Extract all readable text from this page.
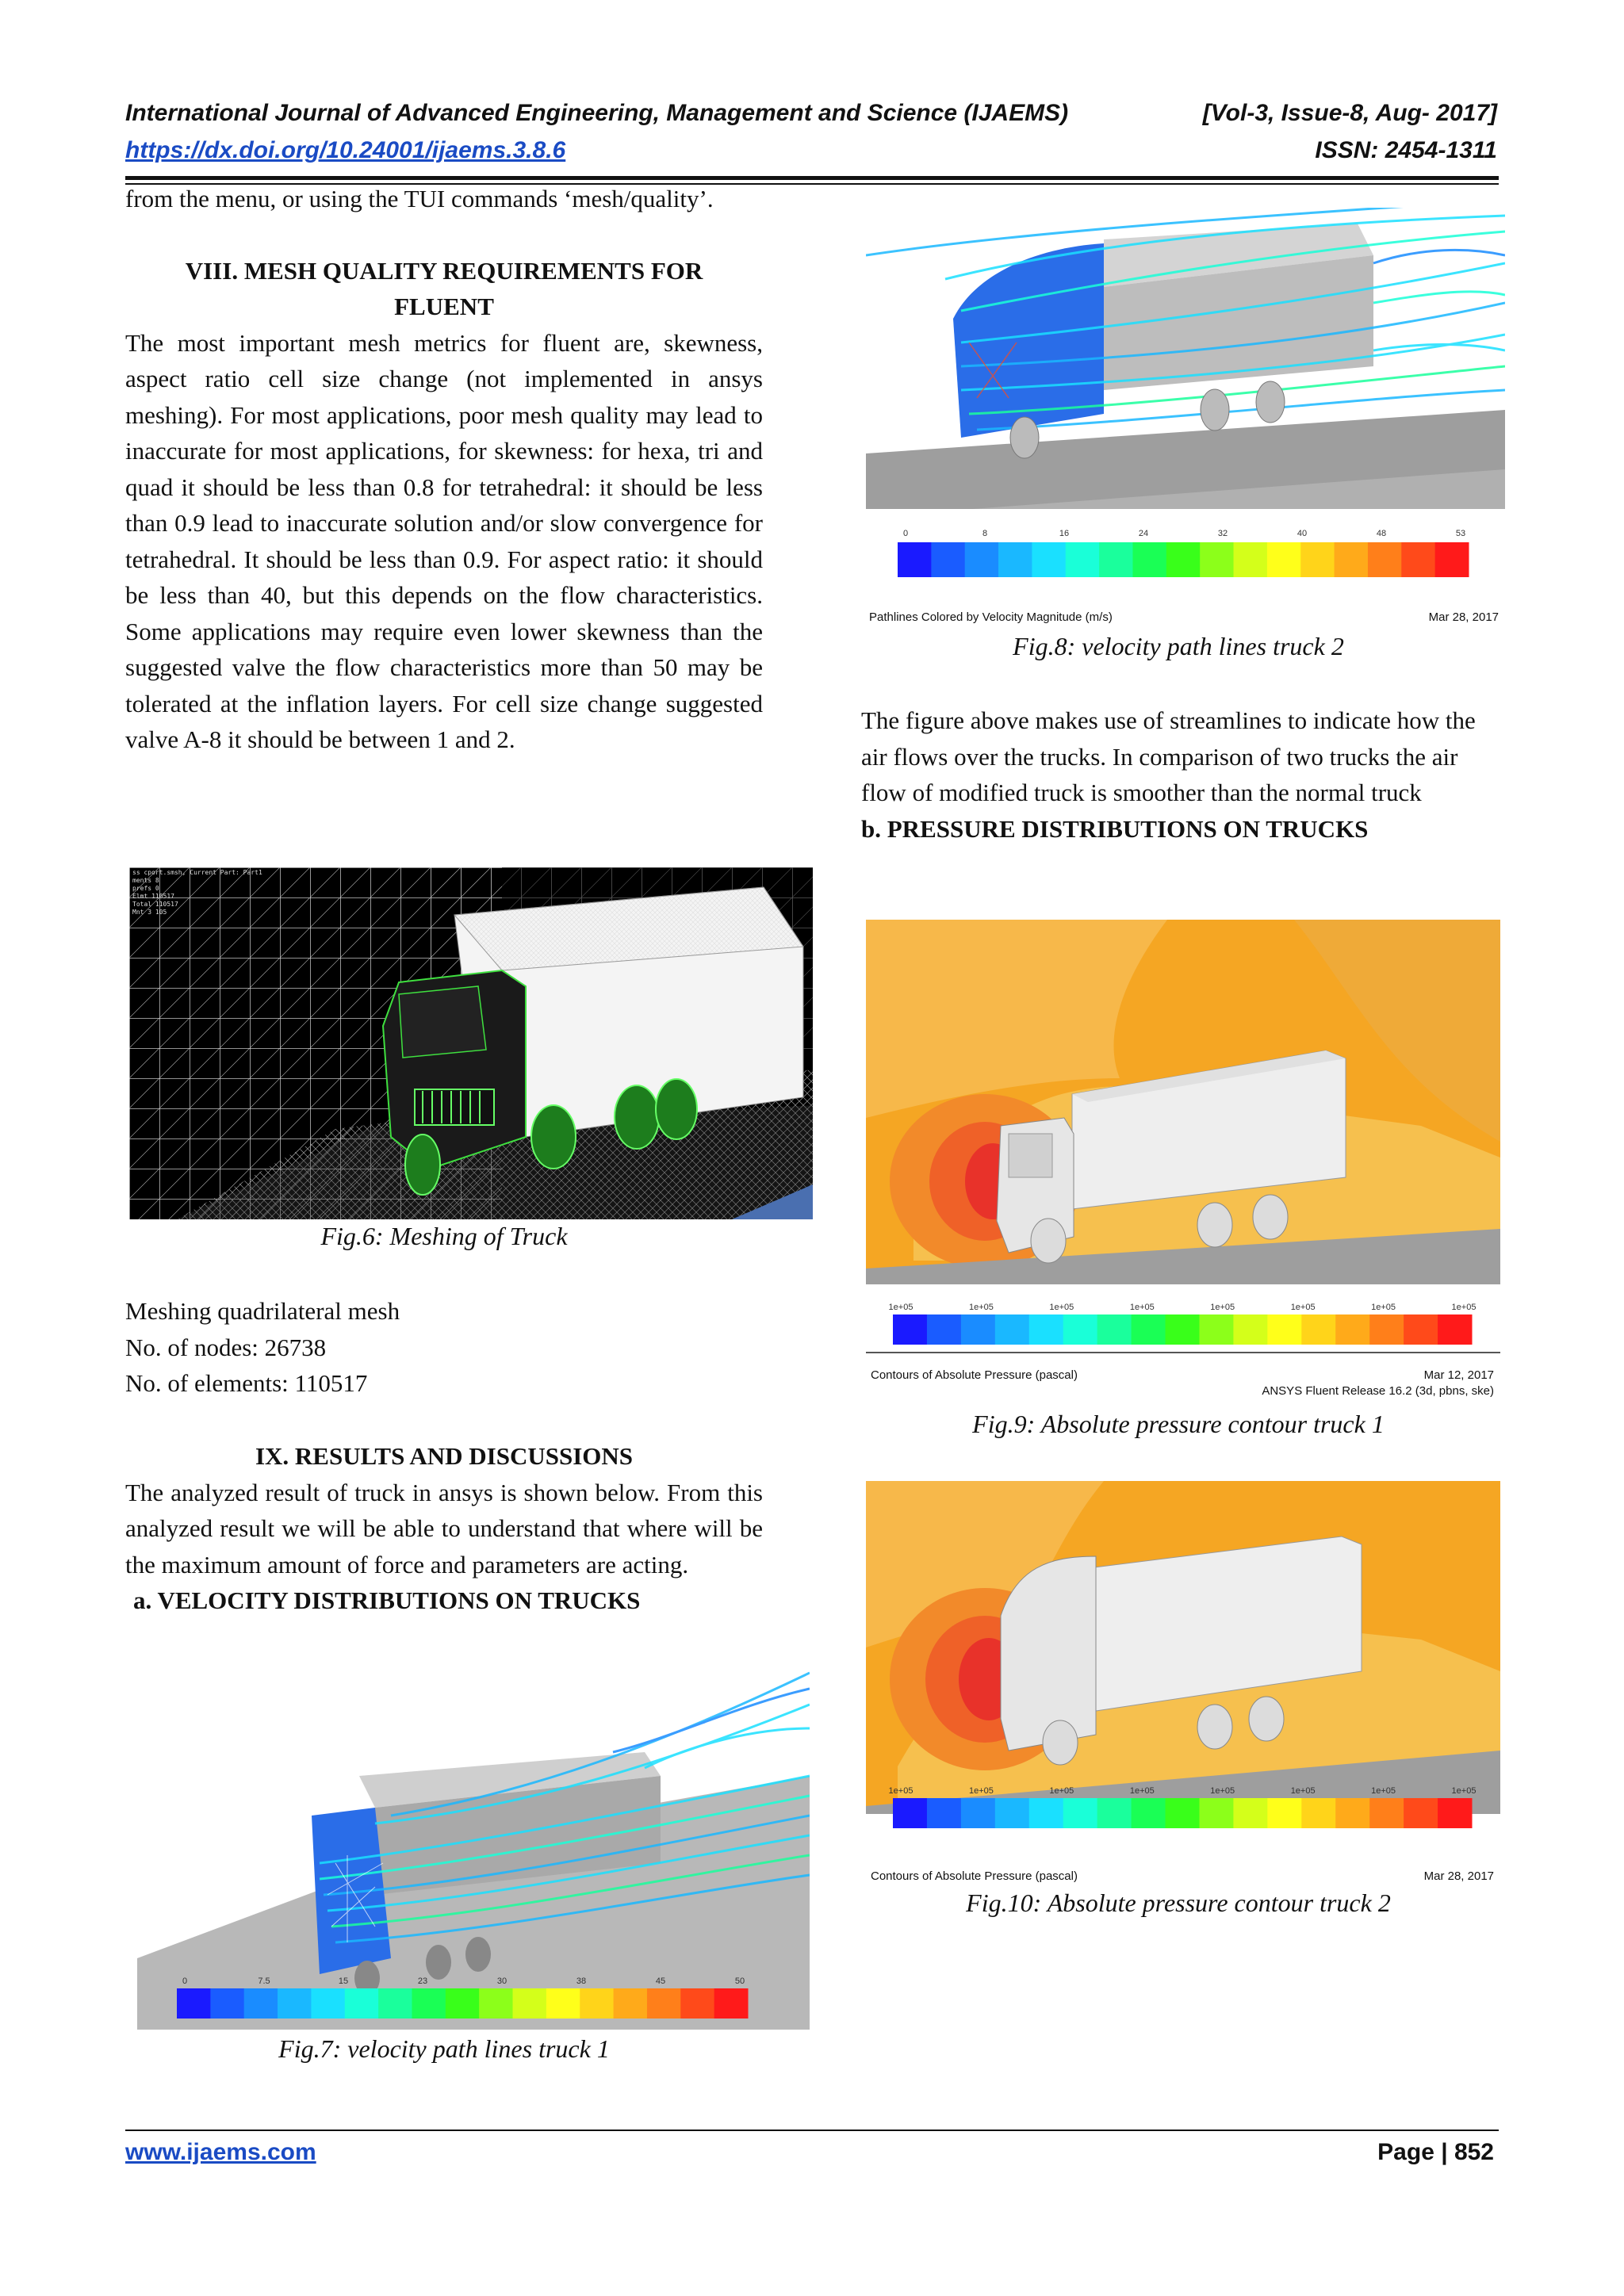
International Journal of Advanced Engineering, Management and Science (IJAEMS)	[Vol-3, Issue-8, Aug- 2017]
https://dx.doi.org/10.24001/ijaems.3.8.6	ISSN: 2454-1311

from the menu, or using the TUI commands ‘mesh/quality’.

VIII. MESH QUALITY REQUIREMENTS FOR FLUENT

The most important mesh metrics for fluent are, skewness, aspect ratio cell size change (not implemented in ansys meshing). For most applications, poor mesh quality may lead to inaccurate for most applications, for skewness: for hexa, tri and quad it should be less than 0.8 for tetrahedral: it should be less than 0.9 lead to inaccurate solution and/or slow convergence for tetrahedral. It should be less than 0.9. For aspect ratio: it should be less than 40, but this depends on the flow characteristics. Some applications may require even lower skewness than the suggested valve the flow characteristics more than 50 may be tolerated at the inflation layers. For cell size change suggested valve A-8 it should be between 1 and 2.

ss cport.smsh, Current Part: Part1
ments 8
prefs 0
Elmt 110517
Total 110517
Mnt 3 105
Fig.6: Meshing of Truck

Meshing quadrilateral mesh

No. of nodes: 26738

No. of elements: 110517

IX. RESULTS AND DISCUSSIONS

The analyzed result of truck in ansys is shown below. From this analyzed result we will be able to understand that where will be the maximum amount of force and parameters are acting.

a. VELOCITY DISTRIBUTIONS ON TRUCKS

0	7.5	15	23	30	38	45	50
Fig.7: velocity path lines truck 1
0	8	16	24	32	40	48	53
Pathlines Colored by Velocity Magnitude (m/s)	Mar 28, 2017
Fig.8: velocity path lines truck 2

The figure above makes use of streamlines to indicate how the air flows over the trucks. In comparison of two trucks the air flow of modified truck is smoother than the normal truck

b. PRESSURE DISTRIBUTIONS ON TRUCKS

1e+05	1e+05	1e+05	1e+05	1e+05	1e+05	1e+05	1e+05
Contours of Absolute Pressure (pascal)	Mar 12, 2017
ANSYS Fluent Release 16.2 (3d, pbns, ske)
Fig.9: Absolute pressure contour truck 1
1e+05	1e+05	1e+05	1e+05	1e+05	1e+05	1e+05	1e+05
Contours of Absolute Pressure (pascal)	Mar 28, 2017
Fig.10: Absolute pressure contour truck 2
www.ijaems.com	Page | 852
